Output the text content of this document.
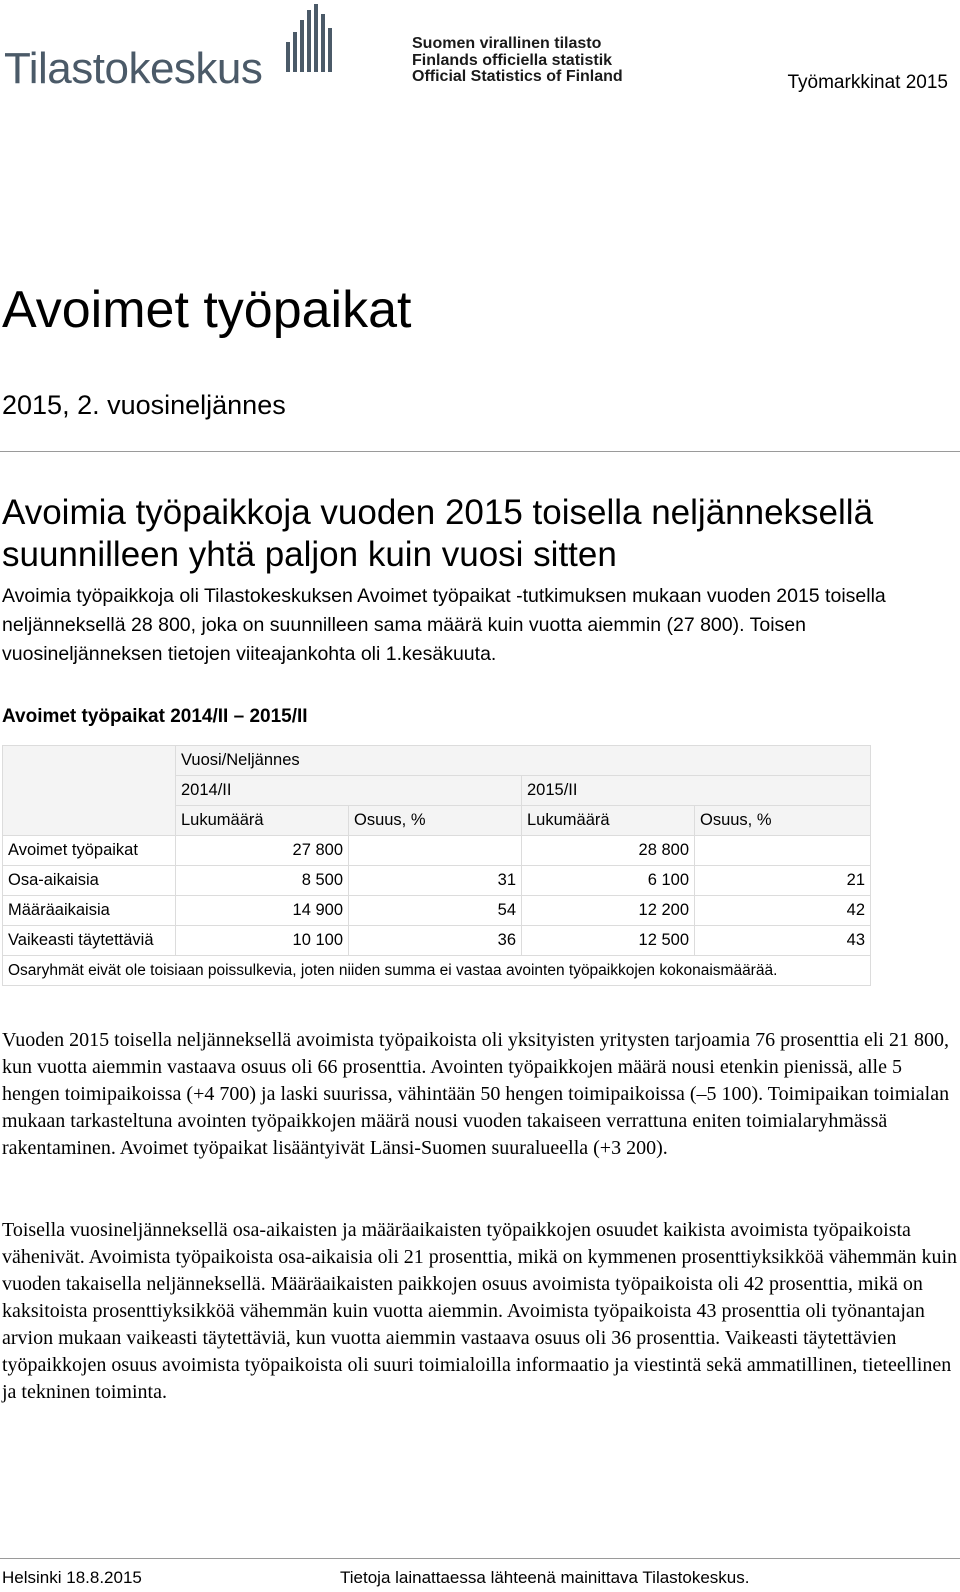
Tilastokeskus
Suomen virallinen tilasto
Finlands officiella statistik
Official Statistics of Finland	Työmarkkinat 2015
Avoimet työpaikat
2015, 2. vuosineljännes
Avoimia työpaikkoja vuoden 2015 toisella neljänneksellä suunnilleen yhtä paljon kuin vuosi sitten
Avoimia työpaikkoja oli Tilastokeskuksen Avoimet työpaikat -tutkimuksen mukaan vuoden 2015 toisella neljänneksellä 28 800, joka on suunnilleen sama määrä kuin vuotta aiemmin (27 800). Toisen vuosineljänneksen tietojen viiteajankohta oli 1.kesäkuuta.
Avoimet työpaikat 2014/II – 2015/II
	Vuosi/Neljännes			
	2014/II		2015/II	
	Lukumäärä	Osuus, %	Lukumäärä	Osuus, %
Avoimet työpaikat	27 800		28 800	
Osa-aikaisia	8 500	31	6 100	21
Määräaikaisia	14 900	54	12 200	42
Vaikeasti täytettäviä	10 100	36	12 500	43
Osaryhmät eivät ole toisiaan poissulkevia, joten niiden summa ei vastaa avointen työpaikkojen kokonaismäärää.				
Vuoden 2015 toisella neljänneksellä avoimista työpaikoista oli yksityisten yritysten tarjoamia 76 prosenttia eli 21 800, kun vuotta aiemmin vastaava osuus oli 66 prosenttia. Avointen työpaikkojen määrä nousi etenkin pienissä, alle 5 hengen toimipaikoissa (+4 700) ja laski suurissa, vähintään 50 hengen toimipaikoissa (–5 100). Toimipaikan toimialan mukaan tarkasteltuna avointen työpaikkojen määrä nousi vuoden takaiseen verrattuna eniten toimialaryhmässä rakentaminen. Avoimet työpaikat lisääntyivät Länsi-Suomen suuralueella (+3 200).
Toisella vuosineljänneksellä osa-aikaisten ja määräaikaisten työpaikkojen osuudet kaikista avoimista työpaikoista vähenivät. Avoimista työpaikoista osa-aikaisia oli 21 prosenttia, mikä on kymmenen prosenttiyksikköä vähemmän kuin vuoden takaisella neljänneksellä. Määräaikaisten paikkojen osuus avoimista työpaikoista oli 42 prosenttia, mikä on kaksitoista prosenttiyksikköä vähemmän kuin vuotta aiemmin. Avoimista työpaikoista 43 prosenttia oli työnantajan arvion mukaan vaikeasti täytettäviä, kun vuotta aiemmin vastaava osuus oli 36 prosenttia. Vaikeasti täytettävien työpaikkojen osuus avoimista työpaikoista oli suuri toimialoilla informaatio ja viestintä sekä ammatillinen, tieteellinen ja tekninen toiminta.
Helsinki 18.8.2015	Tietoja lainattaessa lähteenä mainittava Tilastokeskus.
